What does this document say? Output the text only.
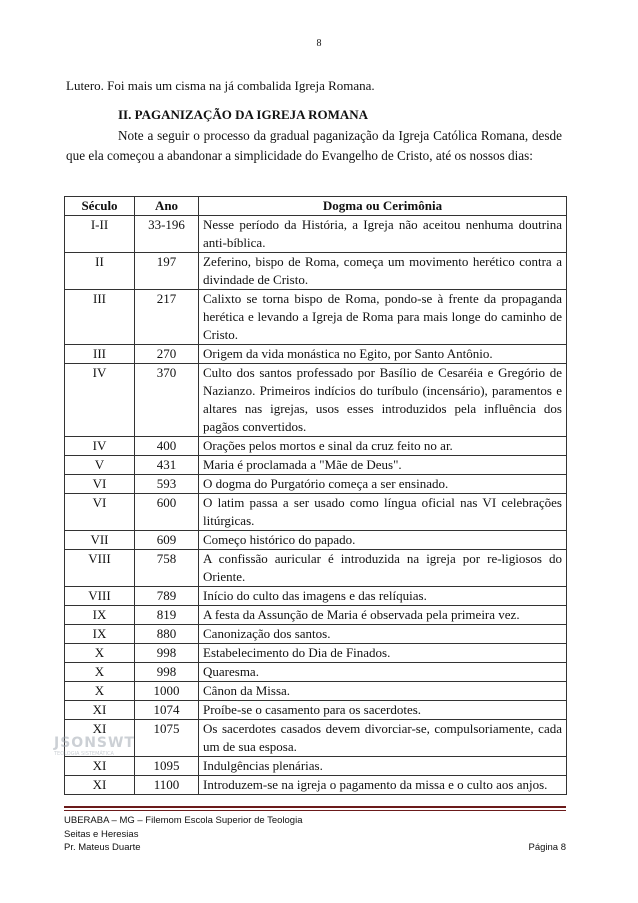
8
Lutero. Foi mais um cisma na já combalida Igreja Romana.
II. PAGANIZAÇÃO DA IGREJA ROMANA
Note a seguir o processo da gradual paganização da Igreja Católica Romana, desde que ela começou a abandonar a simplicidade do Evangelho de Cristo, até os nossos dias:
Século	Ano	Dogma ou Cerimônia
I-II	33-196	Nesse período da História, a Igreja não aceitou nenhuma doutrina anti-bíblica.
II	197	Zeferino, bispo de Roma, começa um movimento herético contra a divindade de Cristo.
III	217	Calixto se torna bispo de Roma, pondo-se à frente da propaganda herética e levando a Igreja de Roma para mais longe do caminho de Cristo.
III	270	Origem da vida monástica no Egito, por Santo Antônio.
IV	370	Culto dos santos professado por Basílio de Cesaréia e Gregório de Nazianzo. Primeiros indícios do turíbulo (incensário), paramentos e altares nas igrejas, usos esses introduzidos pela influência dos pagãos convertidos.
IV	400	Orações pelos mortos e sinal da cruz feito no ar.
V	431	Maria é proclamada a "Mãe de Deus".
VI	593	O dogma do Purgatório começa a ser ensinado.
VI	600	O latim passa a ser usado como língua oficial nas VI celebrações litúrgicas.
VII	609	Começo histórico do papado.
VIII	758	A confissão auricular é introduzida na igreja por re-ligiosos do Oriente.
VIII	789	Início do culto das imagens e das relíquias.
IX	819	A festa da Assunção de Maria é observada pela primeira vez.
IX	880	Canonização dos santos.
X	998	Estabelecimento do Dia de Finados.
X	998	Quaresma.
X	1000	Cânon da Missa.
XI	1074	Proíbe-se o casamento para os sacerdotes.
XI	1075	Os sacerdotes casados devem divorciar-se, compulsoriamente, cada um de sua esposa.
XI	1095	Indulgências plenárias.
XI	1100	Introduzem-se na igreja o pagamento da missa e o culto aos anjos.
JSONSWT
TEOLOGIA SISTEMÁTICA
UBERABA – MG – Filemom Escola Superior de Teologia
Seitas e Heresias
Pr. Mateus Duarte	Página 8
